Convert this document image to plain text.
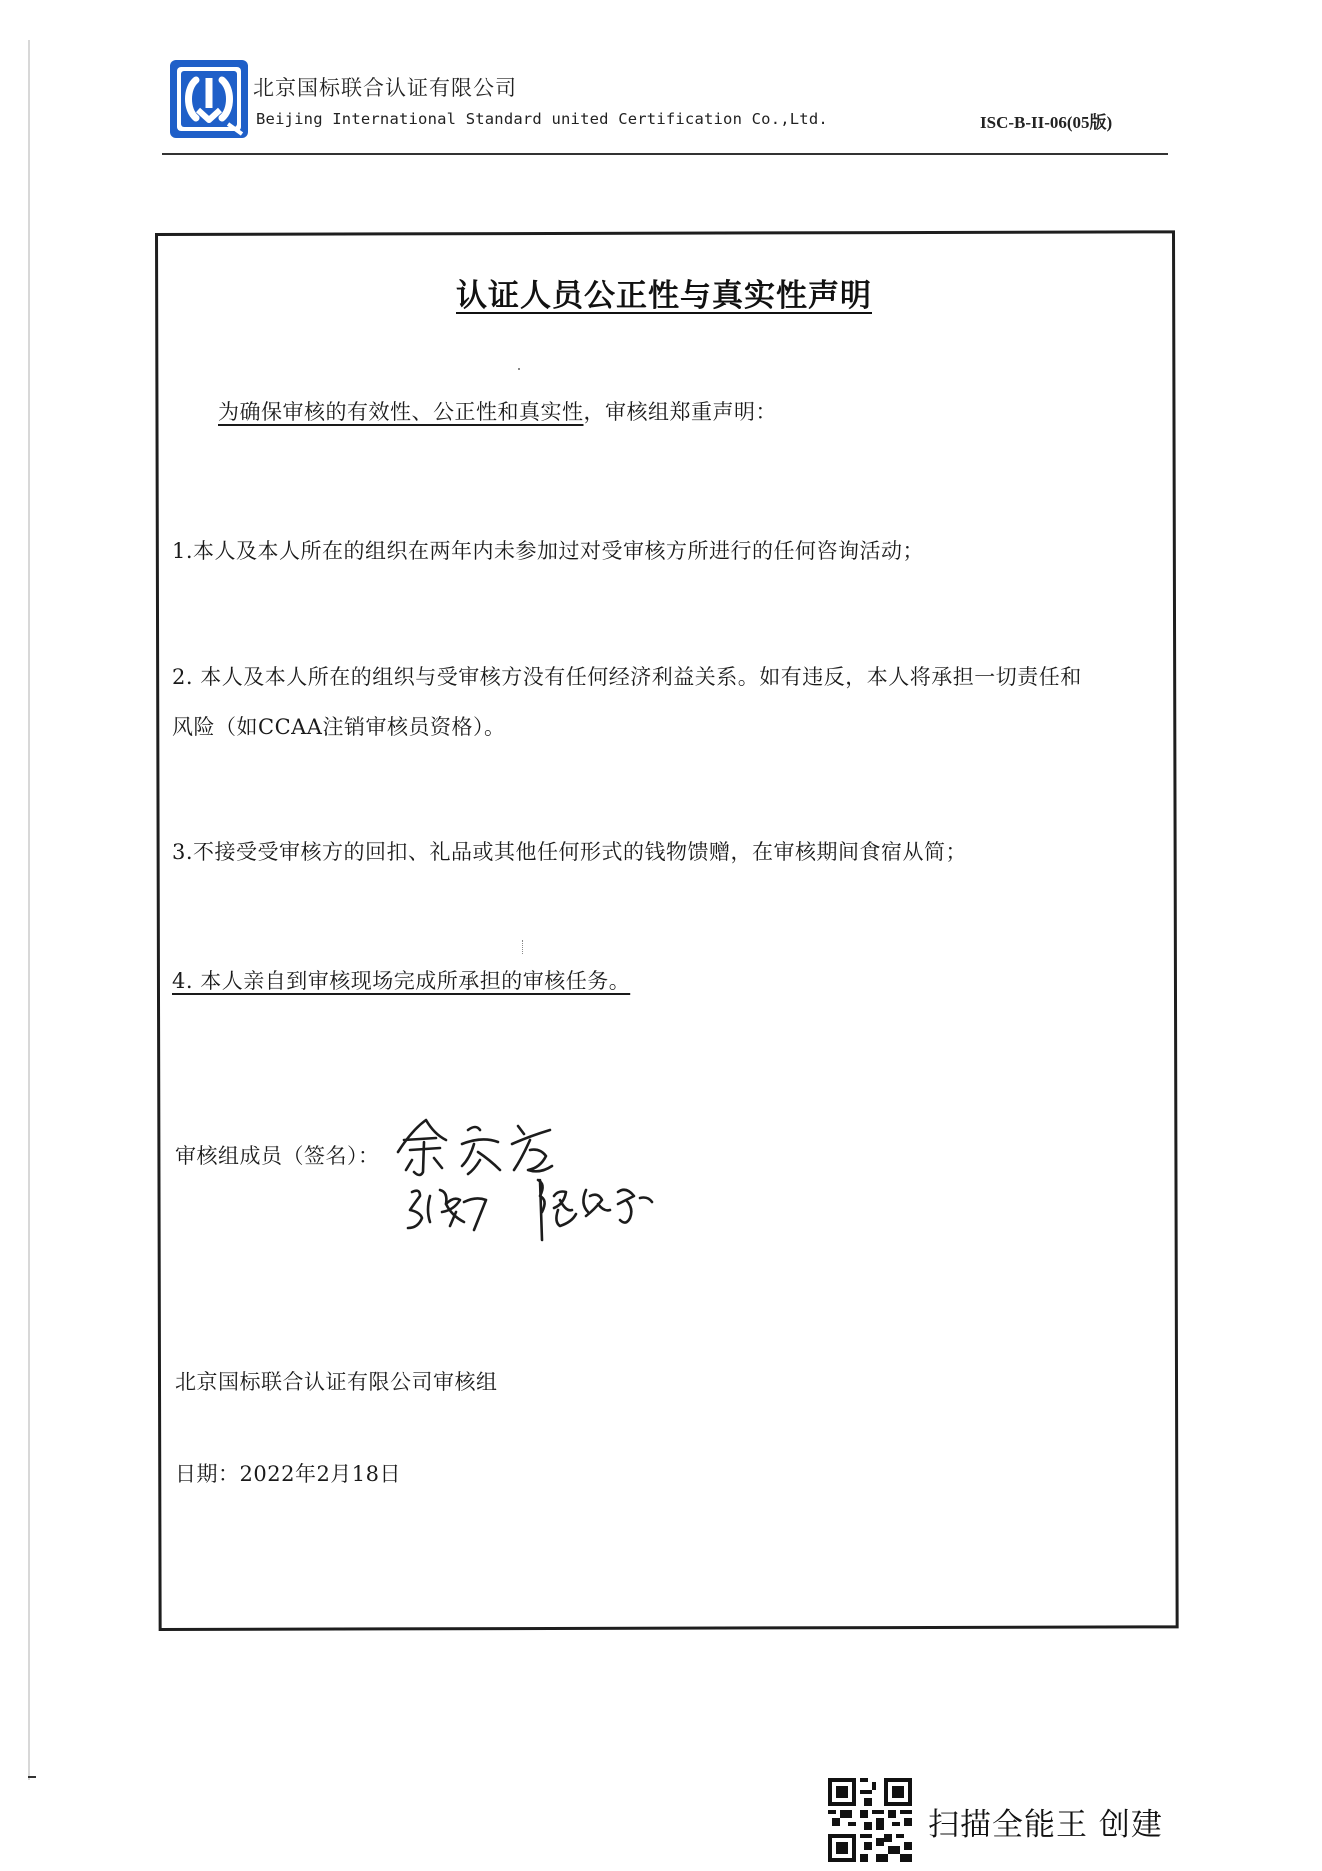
北京国标联合认证有限公司
Beijing International Standard united Certification Co.,Ltd.	ISC-B-II-06(05版)
认证人员公正性与真实性声明
为确保审核的有效性、公正性和真实性，审核组郑重声明：
1.本人及本人所在的组织在两年内未参加过对受审核方所进行的任何咨询活动；
2. 本人及本人所在的组织与受审核方没有任何经济利益关系。如有违反，本人将承担一切责任和
风险（如CCAA注销审核员资格）。
3.不接受受审核方的回扣、礼品或其他任何形式的钱物馈赠，在审核期间食宿从简；
4. 本人亲自到审核现场完成所承担的审核任务。
审核组成员（签名）：
北京国标联合认证有限公司审核组
日期：2022年2月18日
扫描全能王 创建
